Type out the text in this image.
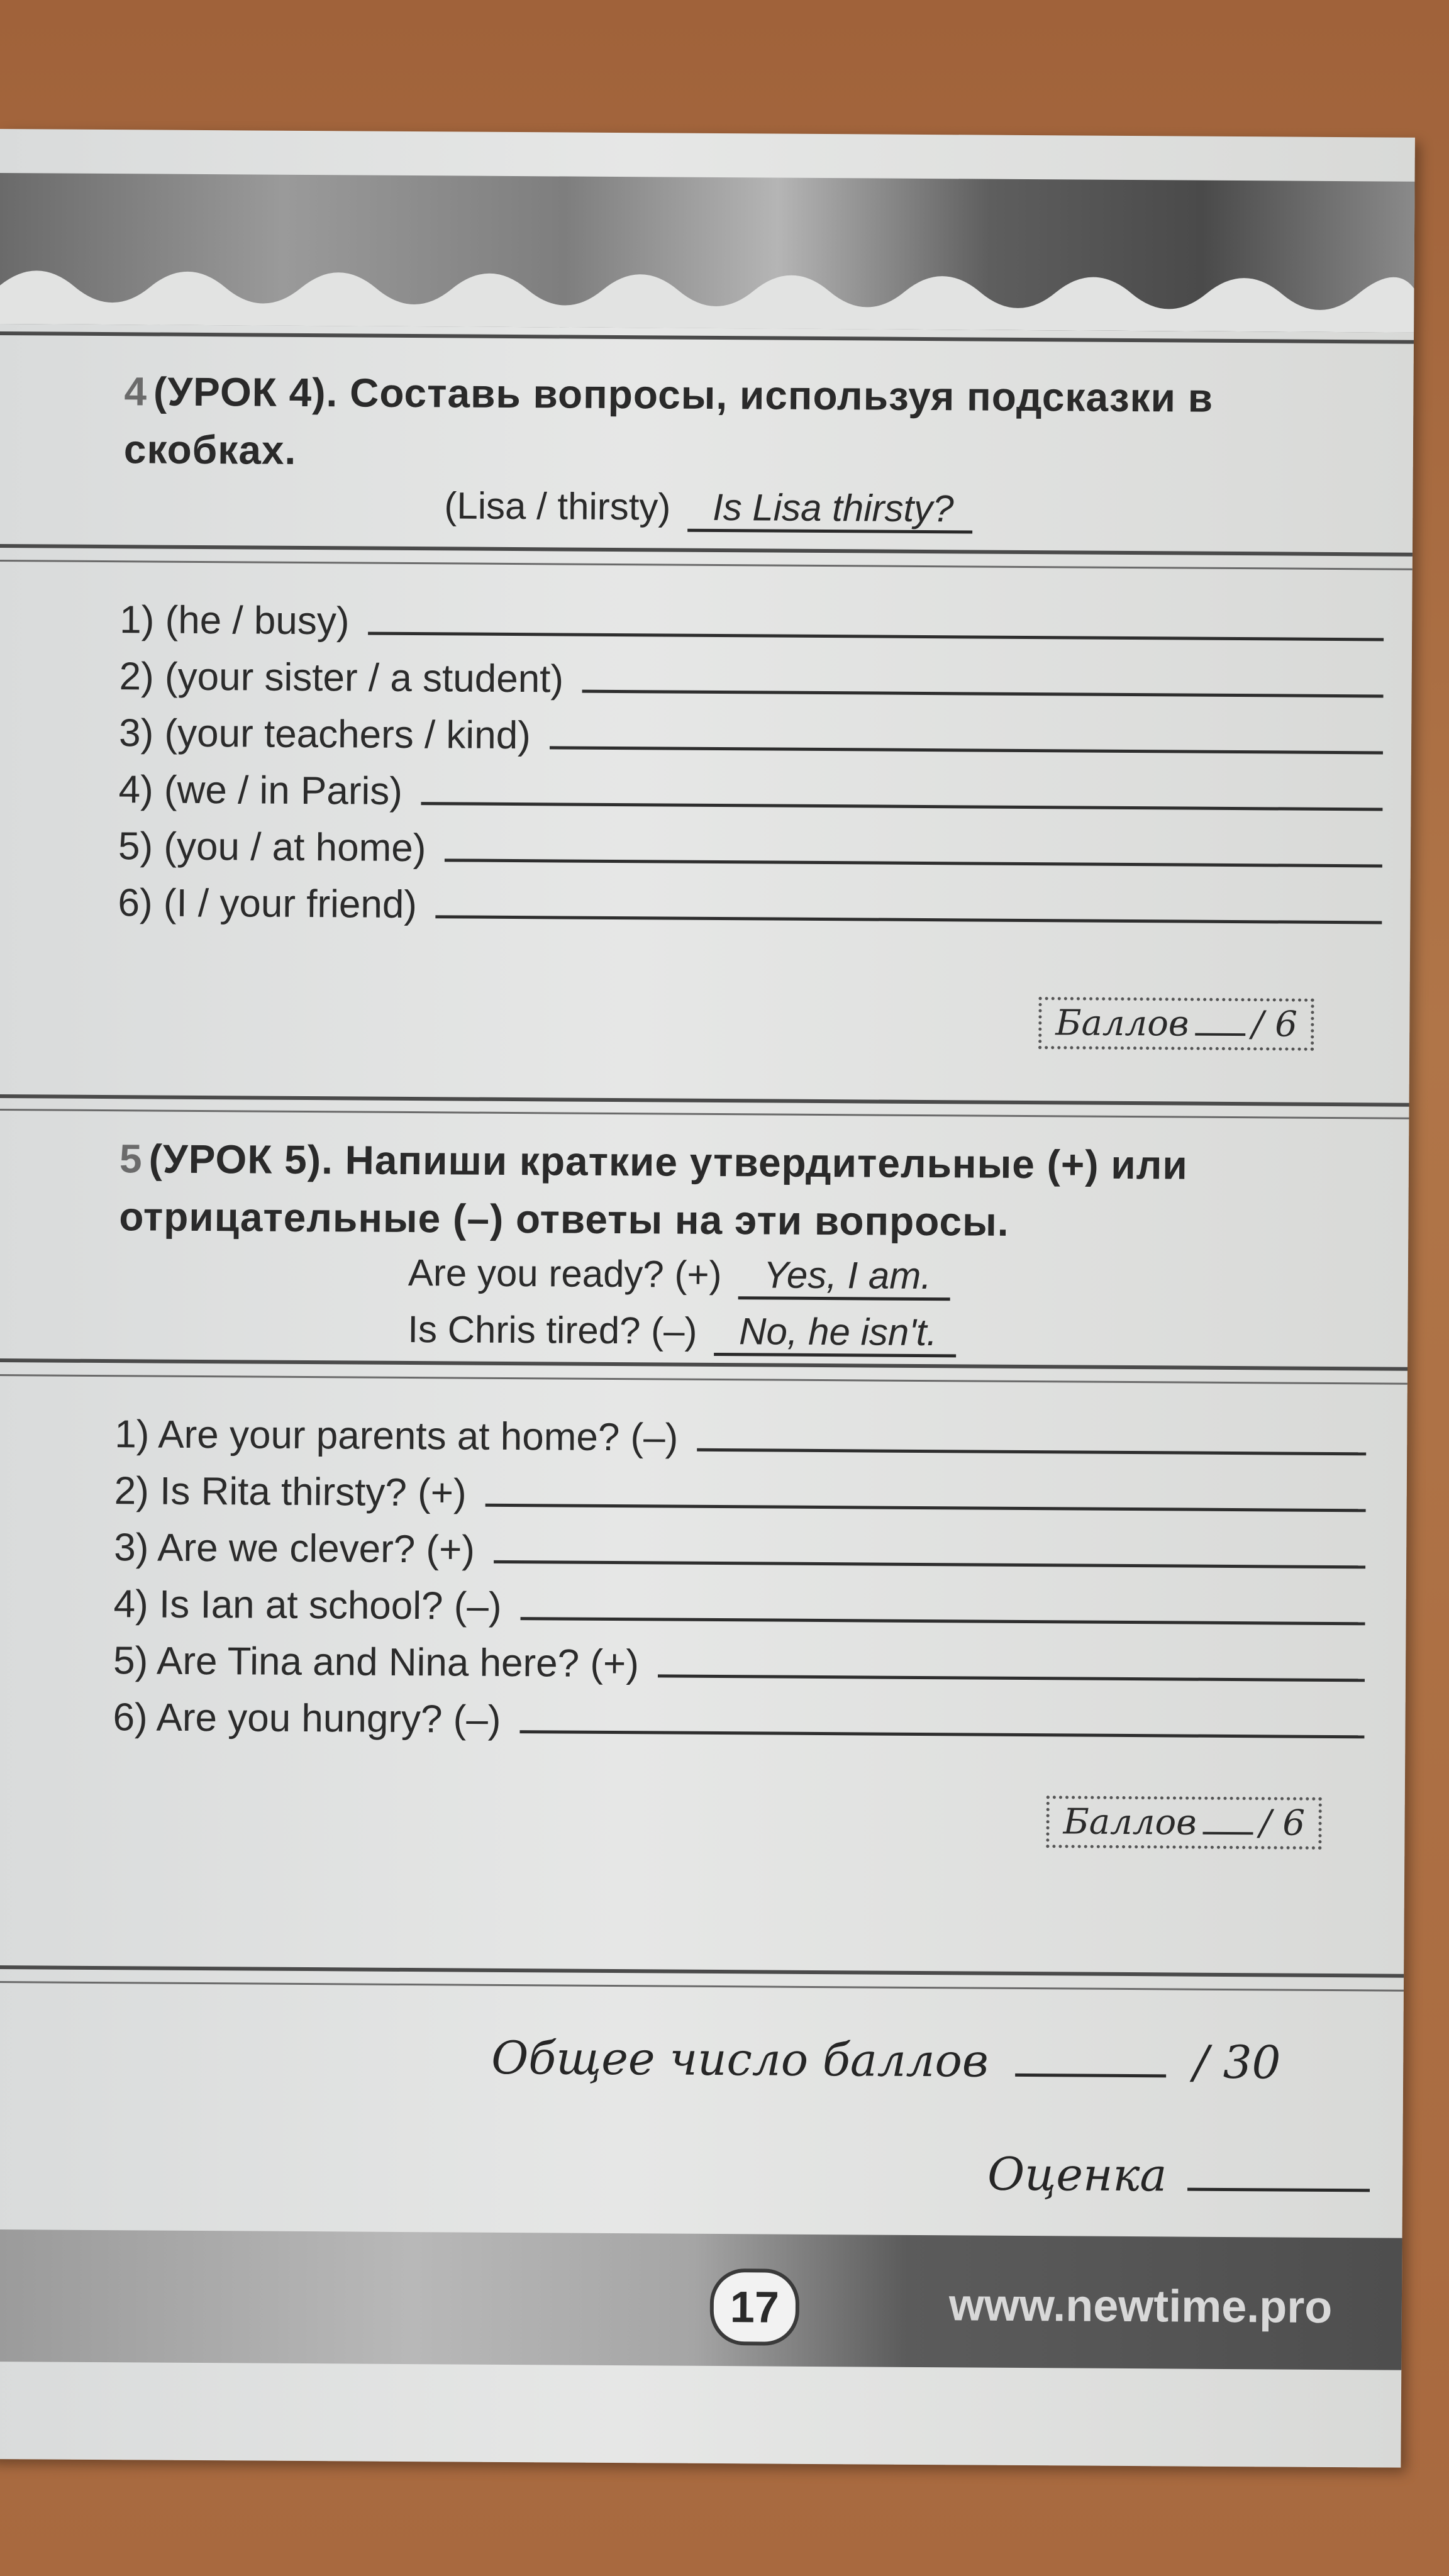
4 (УРОК 4). Составь вопросы, используя подсказки в
скобках.
(Lisa / thirsty) Is Lisa thirsty?
1) (he / busy)
2) (your sister / a student)
3) (your teachers / kind)
4) (we / in Paris)
5) (you / at home)
6) (I / your friend)
Баллов / 6
5 (УРОК 5). Напиши краткие утвердительные (+) или
отрицательные (–) ответы на эти вопросы.
Are you ready? (+) Yes, I am.
Is Chris tired? (–) No, he isn't.
1) Are your parents at home? (–)
2) Is Rita thirsty? (+)
3) Are we clever? (+)
4) Is Ian at school? (–)
5) Are Tina and Nina here? (+)
6) Are you hungry? (–)
Баллов / 6
Общее число баллов	/ 30
Оценка
17	www.newtime.pro
